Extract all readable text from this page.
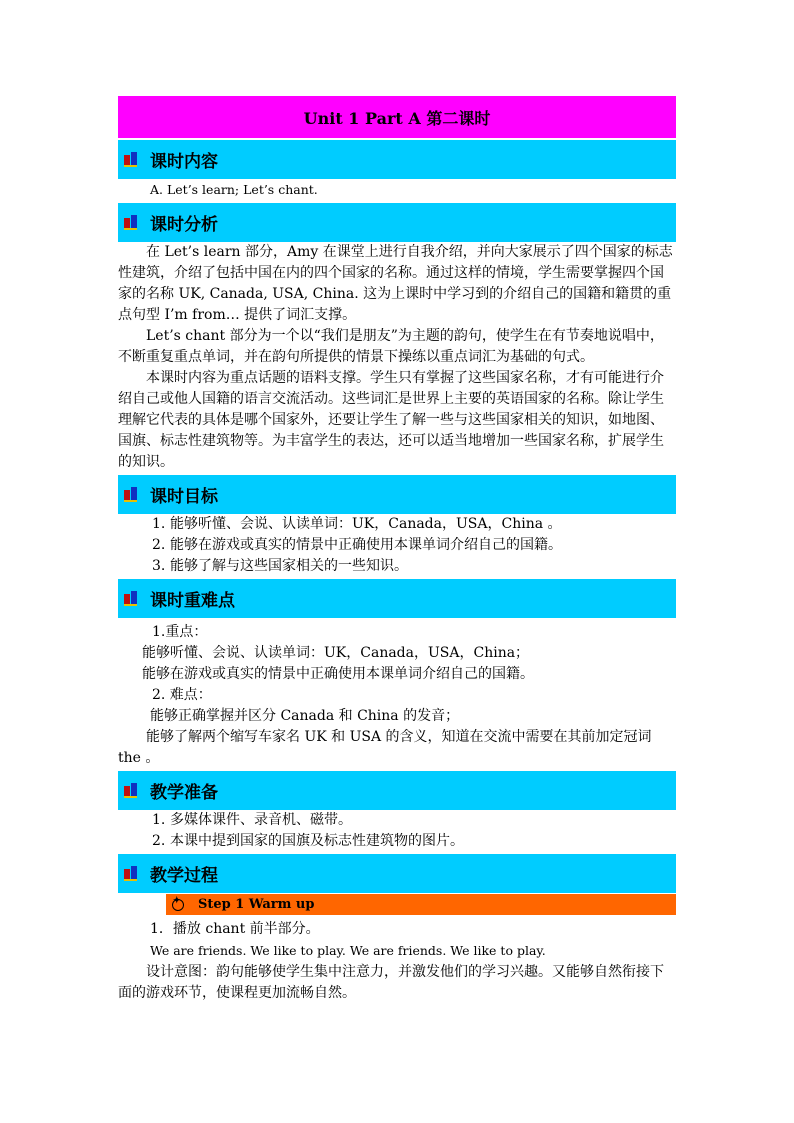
Unit 1 Part A 第二课时
课时内容
A. Let’s learn; Let’s chant.
课时分析

在 Let’s learn 部分，Amy 在课堂上进行自我介绍，并向大家展示了四个国家的标志性建筑，介绍了包括中国在内的四个国家的名称。通过这样的情境，学生需要掌握四个国家的名称 UK, Canada, USA, China. 这为上课时中学习到的介绍自己的国籍和籍贯的重点句型 I’m from… 提供了词汇支撑。

Let’s chant 部分为一个以“我们是朋友”为主题的韵句，使学生在有节奏地说唱中，不断重复重点单词，并在韵句所提供的情景下操练以重点词汇为基础的句式。

本课时内容为重点话题的语料支撑。学生只有掌握了这些国家名称，才有可能进行介绍自己或他人国籍的语言交流活动。这些词汇是世界上主要的英语国家的名称。除让学生理解它代表的具体是哪个国家外，还要让学生了解一些与这些国家相关的知识，如地图、国旗、标志性建筑物等。为丰富学生的表达，还可以适当地增加一些国家名称，扩展学生的知识。

课时目标
1. 能够听懂、会说、认读单词：UK，Canada，USA，China 。
2. 能够在游戏或真实的情景中正确使用本课单词介绍自己的国籍。
3. 能够了解与这些国家相关的一些知识。
课时重难点
1.重点：
能够听懂、会说、认读单词：UK，Canada，USA，China；
能够在游戏或真实的情景中正确使用本课单词介绍自己的国籍。
2. 难点：
能够正确掌握并区分 Canada 和 China 的发音；

能够了解两个缩写车家名 UK 和 USA 的含义，知道在交流中需要在其前加定冠词 the 。

教学准备
1. 多媒体课件、录音机、磁带。
2. 本课中提到国家的国旗及标志性建筑物的图片。
教学过程
✦
Step 1 Warm up
1．播放 chant 前半部分。
We are friends. We like to play. We are friends. We like to play.

设计意图：韵句能够使学生集中注意力，并激发他们的学习兴趣。又能够自然衔接下面的游戏环节，使课程更加流畅自然。
